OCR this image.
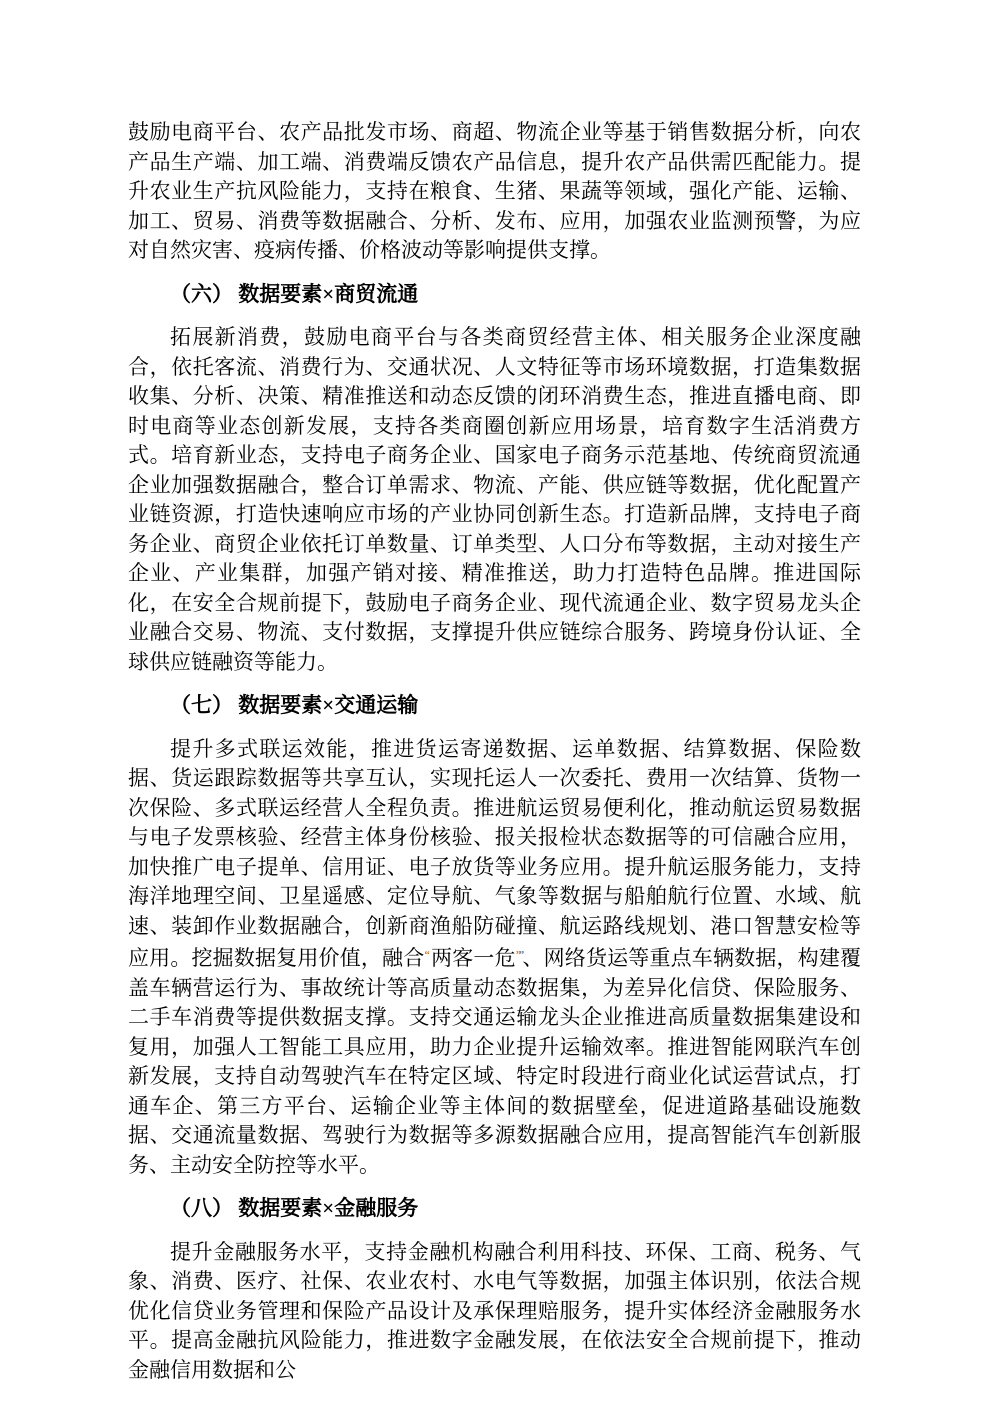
鼓励电商平台、农产品批发市场、商超、物流企业等基于销售数据分析，向农产品生产端、加工端、消费端反馈农产品信息，提升农产品供需匹配能力。提升农业生产抗风险能力，支持在粮食、生猪、果蔬等领域，强化产能、运输、加工、贸易、消费等数据融合、分析、发布、应用，加强农业监测预警，为应对自然灾害、疫病传播、价格波动等影响提供支撑。

（六） 数据要素×商贸流通

拓展新消费，鼓励电商平台与各类商贸经营主体、相关服务企业深度融合，依托客流、消费行为、交通状况、人文特征等市场环境数据，打造集数据收集、分析、决策、精准推送和动态反馈的闭环消费生态，推进直播电商、即时电商等业态创新发展，支持各类商圈创新应用场景，培育数字生活消费方式。培育新业态，支持电子商务企业、国家电子商务示范基地、传统商贸流通企业加强数据融合，整合订单需求、物流、产能、供应链等数据，优化配置产业链资源，打造快速响应市场的产业协同创新生态。打造新品牌，支持电子商务企业、商贸企业依托订单数量、订单类型、人口分布等数据，主动对接生产企业、产业集群，加强产销对接、精准推送，助力打造特色品牌。推进国际化，在安全合规前提下，鼓励电子商务企业、现代流通企业、数字贸易龙头企业融合交易、物流、支付数据，支撑提升供应链综合服务、跨境身份认证、全球供应链融资等能力。

（七） 数据要素×交通运输

提升多式联运效能，推进货运寄递数据、运单数据、结算数据、保险数据、货运跟踪数据等共享互认，实现托运人一次委托、费用一次结算、货物一次保险、多式联运经营人全程负责。推进航运贸易便利化，推动航运贸易数据与电子发票核验、经营主体身份核验、报关报检状态数据等的可信融合应用，加快推广电子提单、信用证、电子放货等业务应用。提升航运服务能力，支持海洋地理空间、卫星遥感、定位导航、气象等数据与船舶航行位置、水域、航速、装卸作业数据融合，创新商渔船防碰撞、航运路线规划、港口智慧安检等应用。挖掘数据复用价值，融合“两客一危”、网络货运等重点车辆数据，构建覆盖车辆营运行为、事故统计等高质量动态数据集，为差异化信贷、保险服务、二手车消费等提供数据支撑。支持交通运输龙头企业推进高质量数据集建设和复用，加强人工智能工具应用，助力企业提升运输效率。推进智能网联汽车创新发展，支持自动驾驶汽车在特定区域、特定时段进行商业化试运营试点，打通车企、第三方平台、运输企业等主体间的数据壁垒，促进道路基础设施数据、交通流量数据、驾驶行为数据等多源数据融合应用，提高智能汽车创新服务、主动安全防控等水平。

（八） 数据要素×金融服务

提升金融服务水平，支持金融机构融合利用科技、环保、工商、税务、气象、消费、医疗、社保、农业农村、水电气等数据，加强主体识别，依法合规优化信贷业务管理和保险产品设计及承保理赔服务，提升实体经济金融服务水平。提高金融抗风险能力，推进数字金融发展，在依法安全合规前提下，推动金融信用数据和公
